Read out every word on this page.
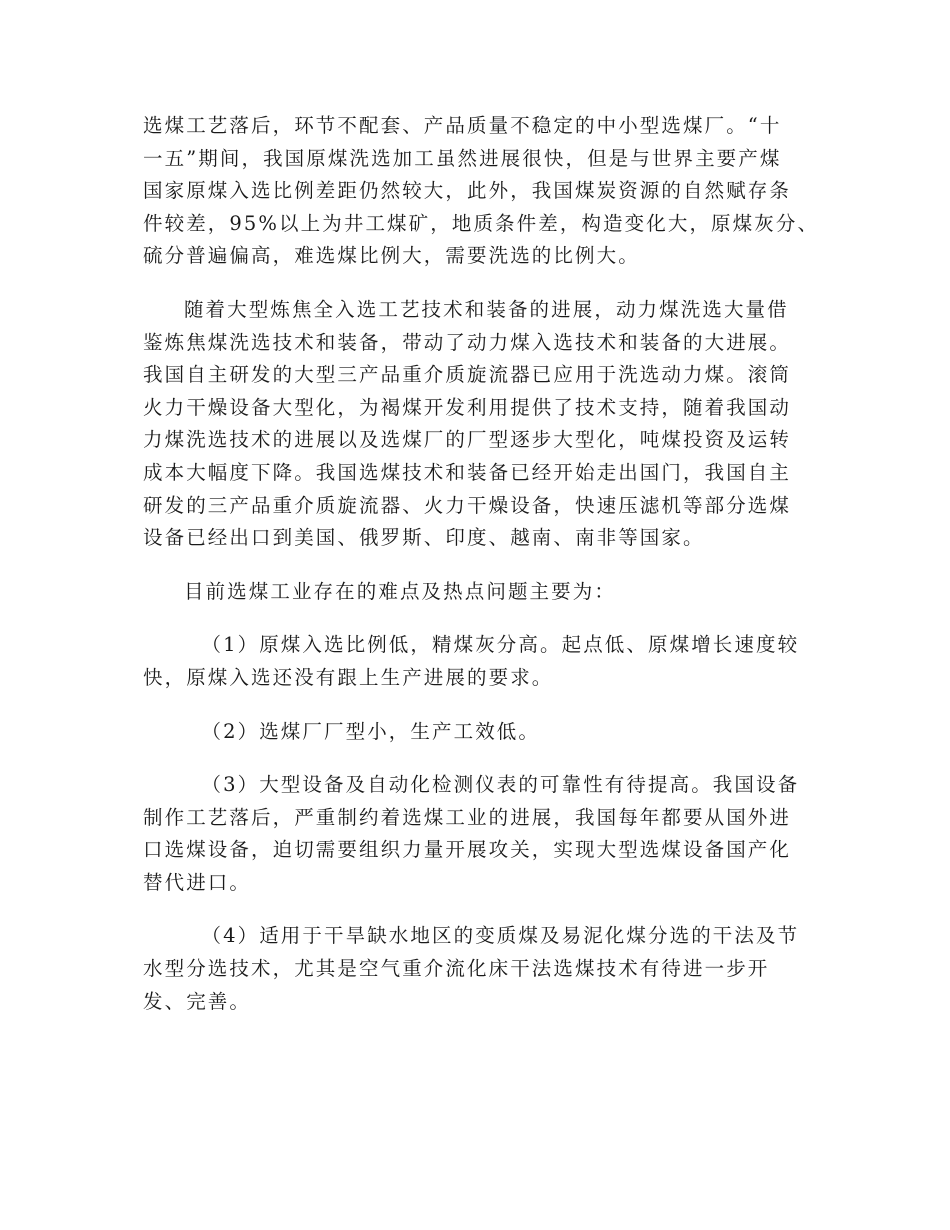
选煤工艺落后，环节不配套、产品质量不稳定的中小型选煤厂。“十
一五”期间，我国原煤洗选加工虽然进展很快，但是与世界主要产煤
国家原煤入选比例差距仍然较大，此外，我国煤炭资源的自然赋存条
件较差，95%以上为井工煤矿，地质条件差，构造变化大，原煤灰分、
硫分普遍偏高，难选煤比例大，需要洗选的比例大。

随着大型炼焦全入选工艺技术和装备的进展，动力煤洗选大量借
鉴炼焦煤洗选技术和装备，带动了动力煤入选技术和装备的大进展。
我国自主研发的大型三产品重介质旋流器已应用于洗选动力煤。滚筒
火力干燥设备大型化，为褐煤开发利用提供了技术支持，随着我国动
力煤洗选技术的进展以及选煤厂的厂型逐步大型化，吨煤投资及运转
成本大幅度下降。我国选煤技术和装备已经开始走出国门，我国自主
研发的三产品重介质旋流器、火力干燥设备，快速压滤机等部分选煤
设备已经出口到美国、俄罗斯、印度、越南、南非等国家。

目前选煤工业存在的难点及热点问题主要为：

（1）原煤入选比例低，精煤灰分高。起点低、原煤增长速度较
快，原煤入选还没有跟上生产进展的要求。

（2）选煤厂厂型小，生产工效低。

（3）大型设备及自动化检测仪表的可靠性有待提高。我国设备
制作工艺落后，严重制约着选煤工业的进展，我国每年都要从国外进
口选煤设备，迫切需要组织力量开展攻关，实现大型选煤设备国产化
替代进口。

（4）适用于干旱缺水地区的变质煤及易泥化煤分选的干法及节
水型分选技术，尤其是空气重介流化床干法选煤技术有待进一步开
发、完善。
